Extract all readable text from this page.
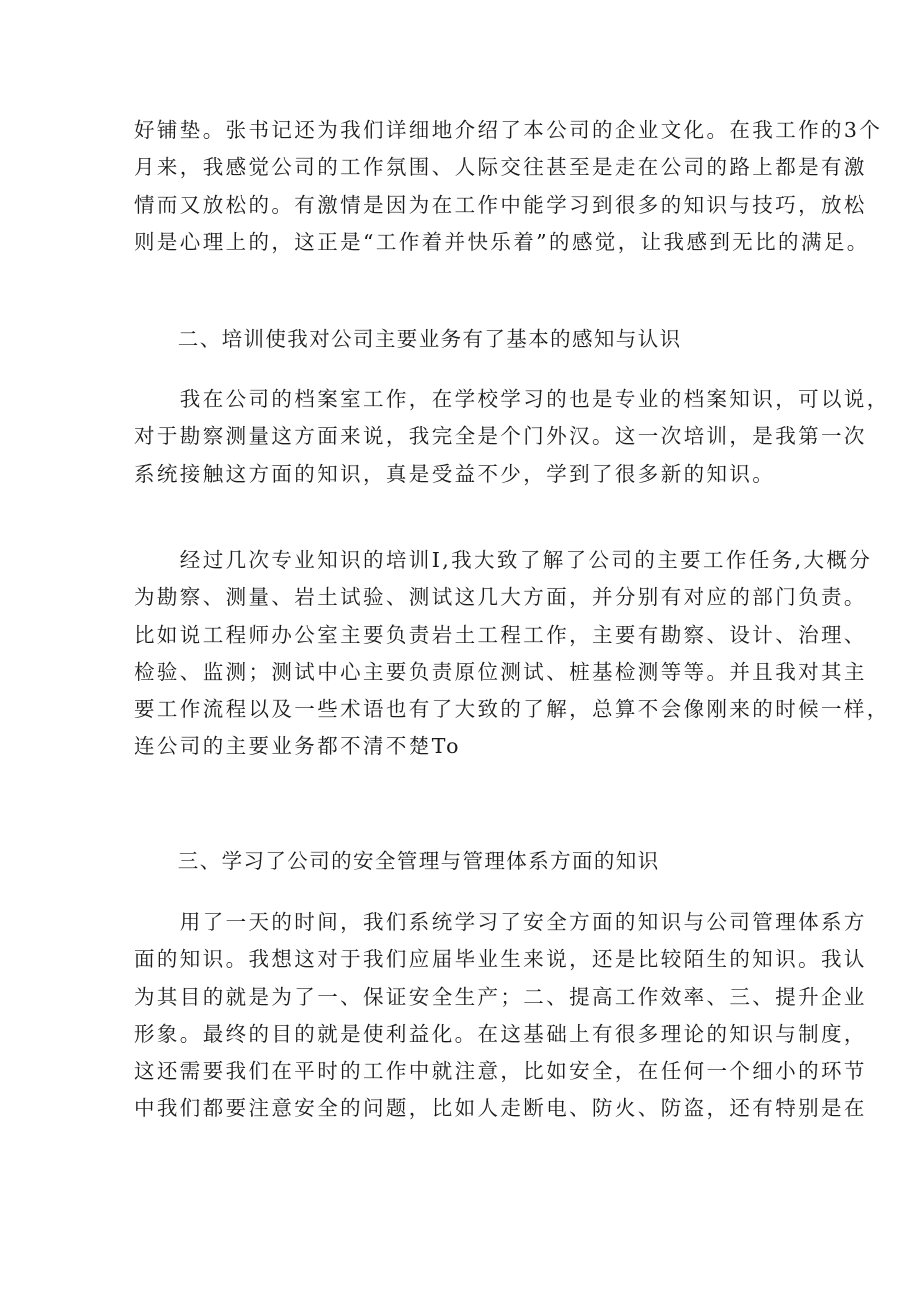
好铺垫。张书记还为我们详细地介绍了本公司的企业文化。在我工作的3个
月来，我感觉公司的工作氛围、人际交往甚至是走在公司的路上都是有激
情而又放松的。有激情是因为在工作中能学习到很多的知识与技巧，放松
则是心理上的，这正是“工作着并快乐着”的感觉，让我感到无比的满足。
　　二、培训使我对公司主要业务有了基本的感知与认识
　　我在公司的档案室工作，在学校学习的也是专业的档案知识，可以说，
对于勘察测量这方面来说，我完全是个门外汉。这一次培训，是我第一次
系统接触这方面的知识，真是受益不少，学到了很多新的知识。
　　经过几次专业知识的培训I,我大致了解了公司的主要工作任务,大概分
为勘察、测量、岩土试验、测试这几大方面，并分别有对应的部门负责。
比如说工程师办公室主要负责岩土工程工作，主要有勘察、设计、治理、
检验、监测；测试中心主要负责原位测试、桩基检测等等。并且我对其主
要工作流程以及一些术语也有了大致的了解，总算不会像刚来的时候一样，
连公司的主要业务都不清不楚To
　　三、学习了公司的安全管理与管理体系方面的知识
　　用了一天的时间，我们系统学习了安全方面的知识与公司管理体系方
面的知识。我想这对于我们应届毕业生来说，还是比较陌生的知识。我认
为其目的就是为了一、保证安全生产；二、提高工作效率、三、提升企业
形象。最终的目的就是使利益化。在这基础上有很多理论的知识与制度，
这还需要我们在平时的工作中就注意，比如安全，在任何一个细小的环节
中我们都要注意安全的问题，比如人走断电、防火、防盗，还有特别是在
